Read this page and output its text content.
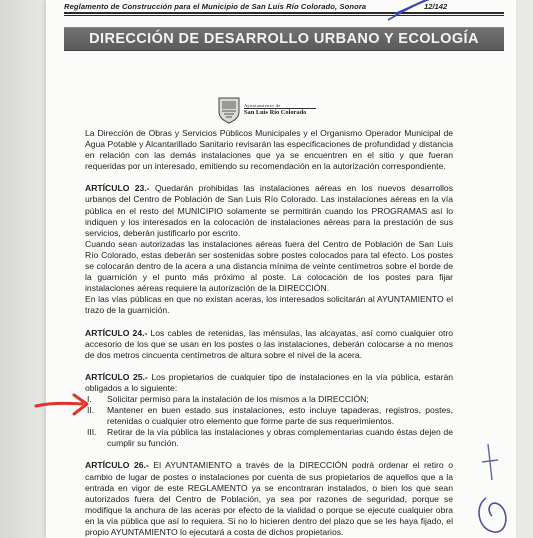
Reglamento de Construcción para el Municipio de San Luis Río Colorado, Sonora	12/142
DIRECCIÓN DE DESARROLLO URBANO Y ECOLOGÍA
Ayuntamiento de
San Luis Río Colorado

La Dirección de Obras y Servicios Públicos Municipales y el Organismo Operador Municipal de Agua Potable y Alcantarillado Sanitario revisarán las especificaciones de profundidad y distancia en relación con las demás instalaciones que ya se encuentren en el sitio y que fueran requeridas por un interesado, emitiendo su recomendación en la autorización correspondiente.

ARTÍCULO 23.- Quedarán prohibidas las instalaciones aéreas en los nuevos desarrollos urbanos del Centro de Población de San Luis Río Colorado. Las instalaciones aéreas en la vía pública en el resto del MUNICIPIO solamente se permitirán cuando los PROGRAMAS así lo indiquen y los interesados en la colocación de instalaciones aéreas para la prestación de sus servicios, deberán justificarlo por escrito.

Cuando sean autorizadas las instalaciones aéreas fuera del Centro de Población de San Luis Río Colorado, estas deberán ser sostenidas sobre postes colocados para tal efecto. Los postes se colocarán dentro de la acera a una distancia mínima de veinte centímetros sobre el borde de la guarnición y el punto más próximo al poste. La colocación de los postes para fijar instalaciones aéreas requiere la autorización de la DIRECCIÓN.

En las vías públicas en que no existan aceras, los interesados solicitarán al AYUNTAMIENTO el trazo de la guarnición.

ARTÍCULO 24.- Los cables de retenidas, las ménsulas, las alcayatas, así como cualquier otro accesorio de los que se usan en los postes o las instalaciones, deberán colocarse a no menos de dos metros cincuenta centímetros de altura sobre el nivel de la acera.

ARTÍCULO 25.- Los propietarios de cualquier tipo de instalaciones en la vía pública, estarán obligados a lo siguiente:

I. Solicitar permiso para la instalación de los mismos a la DIRECCIÓN;
II. Mantener en buen estado sus instalaciones, esto incluye tapaderas, registros, postes, retenidas o cualquier otro elemento que forme parte de sus requerimientos.
III. Retirar de la vía pública las instalaciones y obras complementarias cuando éstas dejen de cumplir su función.

ARTÍCULO 26.- El AYUNTAMIENTO a través de la DIRECCIÓN podrá ordenar el retiro o cambio de lugar de postes o instalaciones por cuenta de sus propietarios de aquellos que a la entrada en vigor de este REGLAMENTO ya se encontraran instalados, o bien los que sean autorizados fuera del Centro de Población, ya sea por razones de seguridad, porque se modifique la anchura de las aceras por efecto de la vialidad o porque se ejecute cualquier obra en la vía pública que así lo requiera. Si no lo hicieren dentro del plazo que se les haya fijado, el propio AYUNTAMIENTO lo ejecutará a costa de dichos propietarios.
